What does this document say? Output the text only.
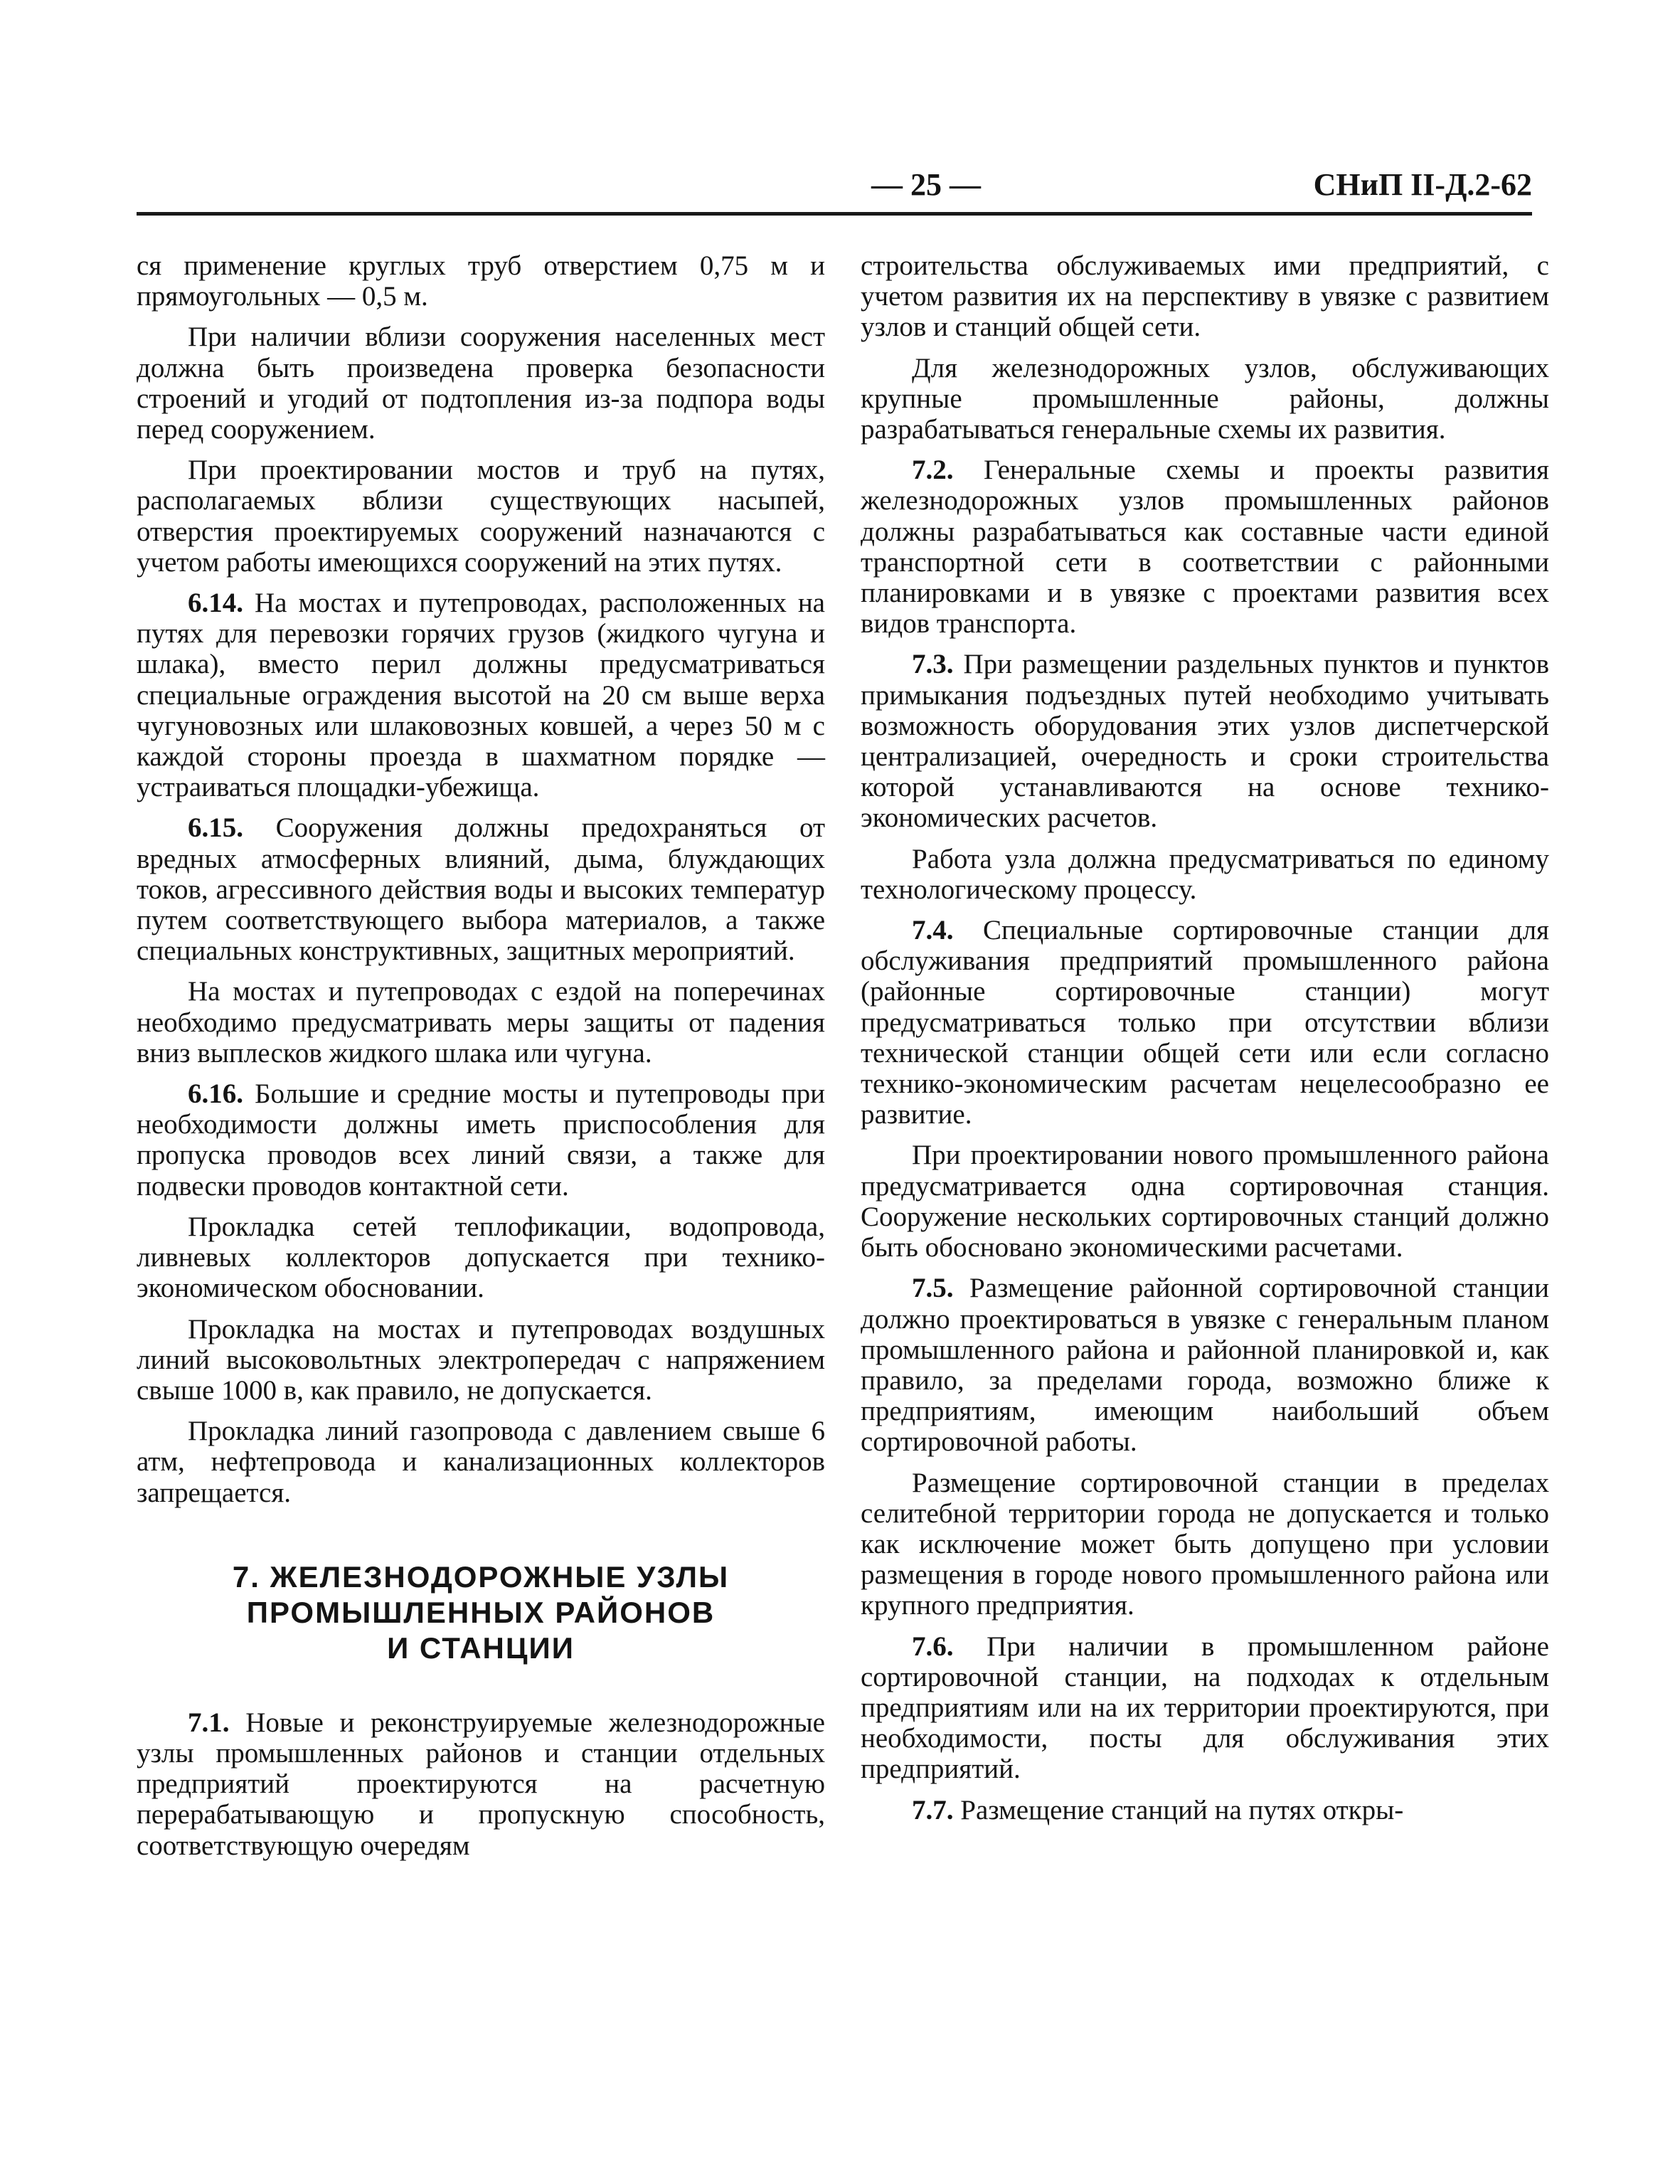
— 25 —	СНиП II-Д.2-62

ся применение круглых труб отверстием 0,75 м и прямоугольных — 0,5 м.

При наличии вблизи сооружения населенных мест должна быть произведена проверка безопасности строений и угодий от подтопления из-за подпора воды перед сооружением.

При проектировании мостов и труб на путях, располагаемых вблизи существующих насыпей, отверстия проектируемых сооружений назначаются с учетом работы имеющихся сооружений на этих путях.

6.14. На мостах и путепроводах, расположенных на путях для перевозки горячих грузов (жидкого чугуна и шлака), вместо перил должны предусматриваться специальные ограждения высотой на 20 см выше верха чугуновозных или шлаковозных ковшей, а через 50 м с каждой стороны проезда в шахматном порядке — устраиваться площадки-убежища.

6.15. Сооружения должны предохраняться от вредных атмосферных влияний, дыма, блуждающих токов, агрессивного действия воды и высоких температур путем соответствующего выбора материалов, а также специальных конструктивных, защитных мероприятий.

На мостах и путепроводах с ездой на поперечинах необходимо предусматривать меры защиты от падения вниз выплесков жидкого шлака или чугуна.

6.16. Большие и средние мосты и путепроводы при необходимости должны иметь приспособления для пропуска проводов всех линий связи, а также для подвески проводов контактной сети.

Прокладка сетей теплофикации, водопровода, ливневых коллекторов допускается при технико-экономическом обосновании.

Прокладка на мостах и путепроводах воздушных линий высоковольтных электропередач с напряжением свыше 1000 в, как правило, не допускается.

Прокладка линий газопровода с давлением свыше 6 атм, нефтепровода и канализационных коллекторов запрещается.

7. ЖЕЛЕЗНОДОРОЖНЫЕ УЗЛЫ
ПРОМЫШЛЕННЫХ РАЙОНОВ
И СТАНЦИИ

7.1. Новые и реконструируемые железнодорожные узлы промышленных районов и станции отдельных предприятий проектируются на расчетную перерабатывающую и пропускную способность, соответствующую очередям

строительства обслуживаемых ими предприятий, с учетом развития их на перспективу в увязке с развитием узлов и станций общей сети.

Для железнодорожных узлов, обслуживающих крупные промышленные районы, должны разрабатываться генеральные схемы их развития.

7.2. Генеральные схемы и проекты развития железнодорожных узлов промышленных районов должны разрабатываться как составные части единой транспортной сети в соответствии с районными планировками и в увязке с проектами развития всех видов транспорта.

7.3. При размещении раздельных пунктов и пунктов примыкания подъездных путей необходимо учитывать возможность оборудования этих узлов диспетчерской централизацией, очередность и сроки строительства которой устанавливаются на основе технико-экономических расчетов.

Работа узла должна предусматриваться по единому технологическому процессу.

7.4. Специальные сортировочные станции для обслуживания предприятий промышленного района (районные сортировочные станции) могут предусматриваться только при отсутствии вблизи технической станции общей сети или если согласно технико-экономическим расчетам нецелесообразно ее развитие.

При проектировании нового промышленного района предусматривается одна сортировочная станция. Сооружение нескольких сортировочных станций должно быть обосновано экономическими расчетами.

7.5. Размещение районной сортировочной станции должно проектироваться в увязке с генеральным планом промышленного района и районной планировкой и, как правило, за пределами города, возможно ближе к предприятиям, имеющим наибольший объем сортировочной работы.

Размещение сортировочной станции в пределах селитебной территории города не допускается и только как исключение может быть допущено при условии размещения в городе нового промышленного района или крупного предприятия.

7.6. При наличии в промышленном районе сортировочной станции, на подходах к отдельным предприятиям или на их территории проектируются, при необходимости, посты для обслуживания этих предприятий.

7.7. Размещение станций на путях откры-
